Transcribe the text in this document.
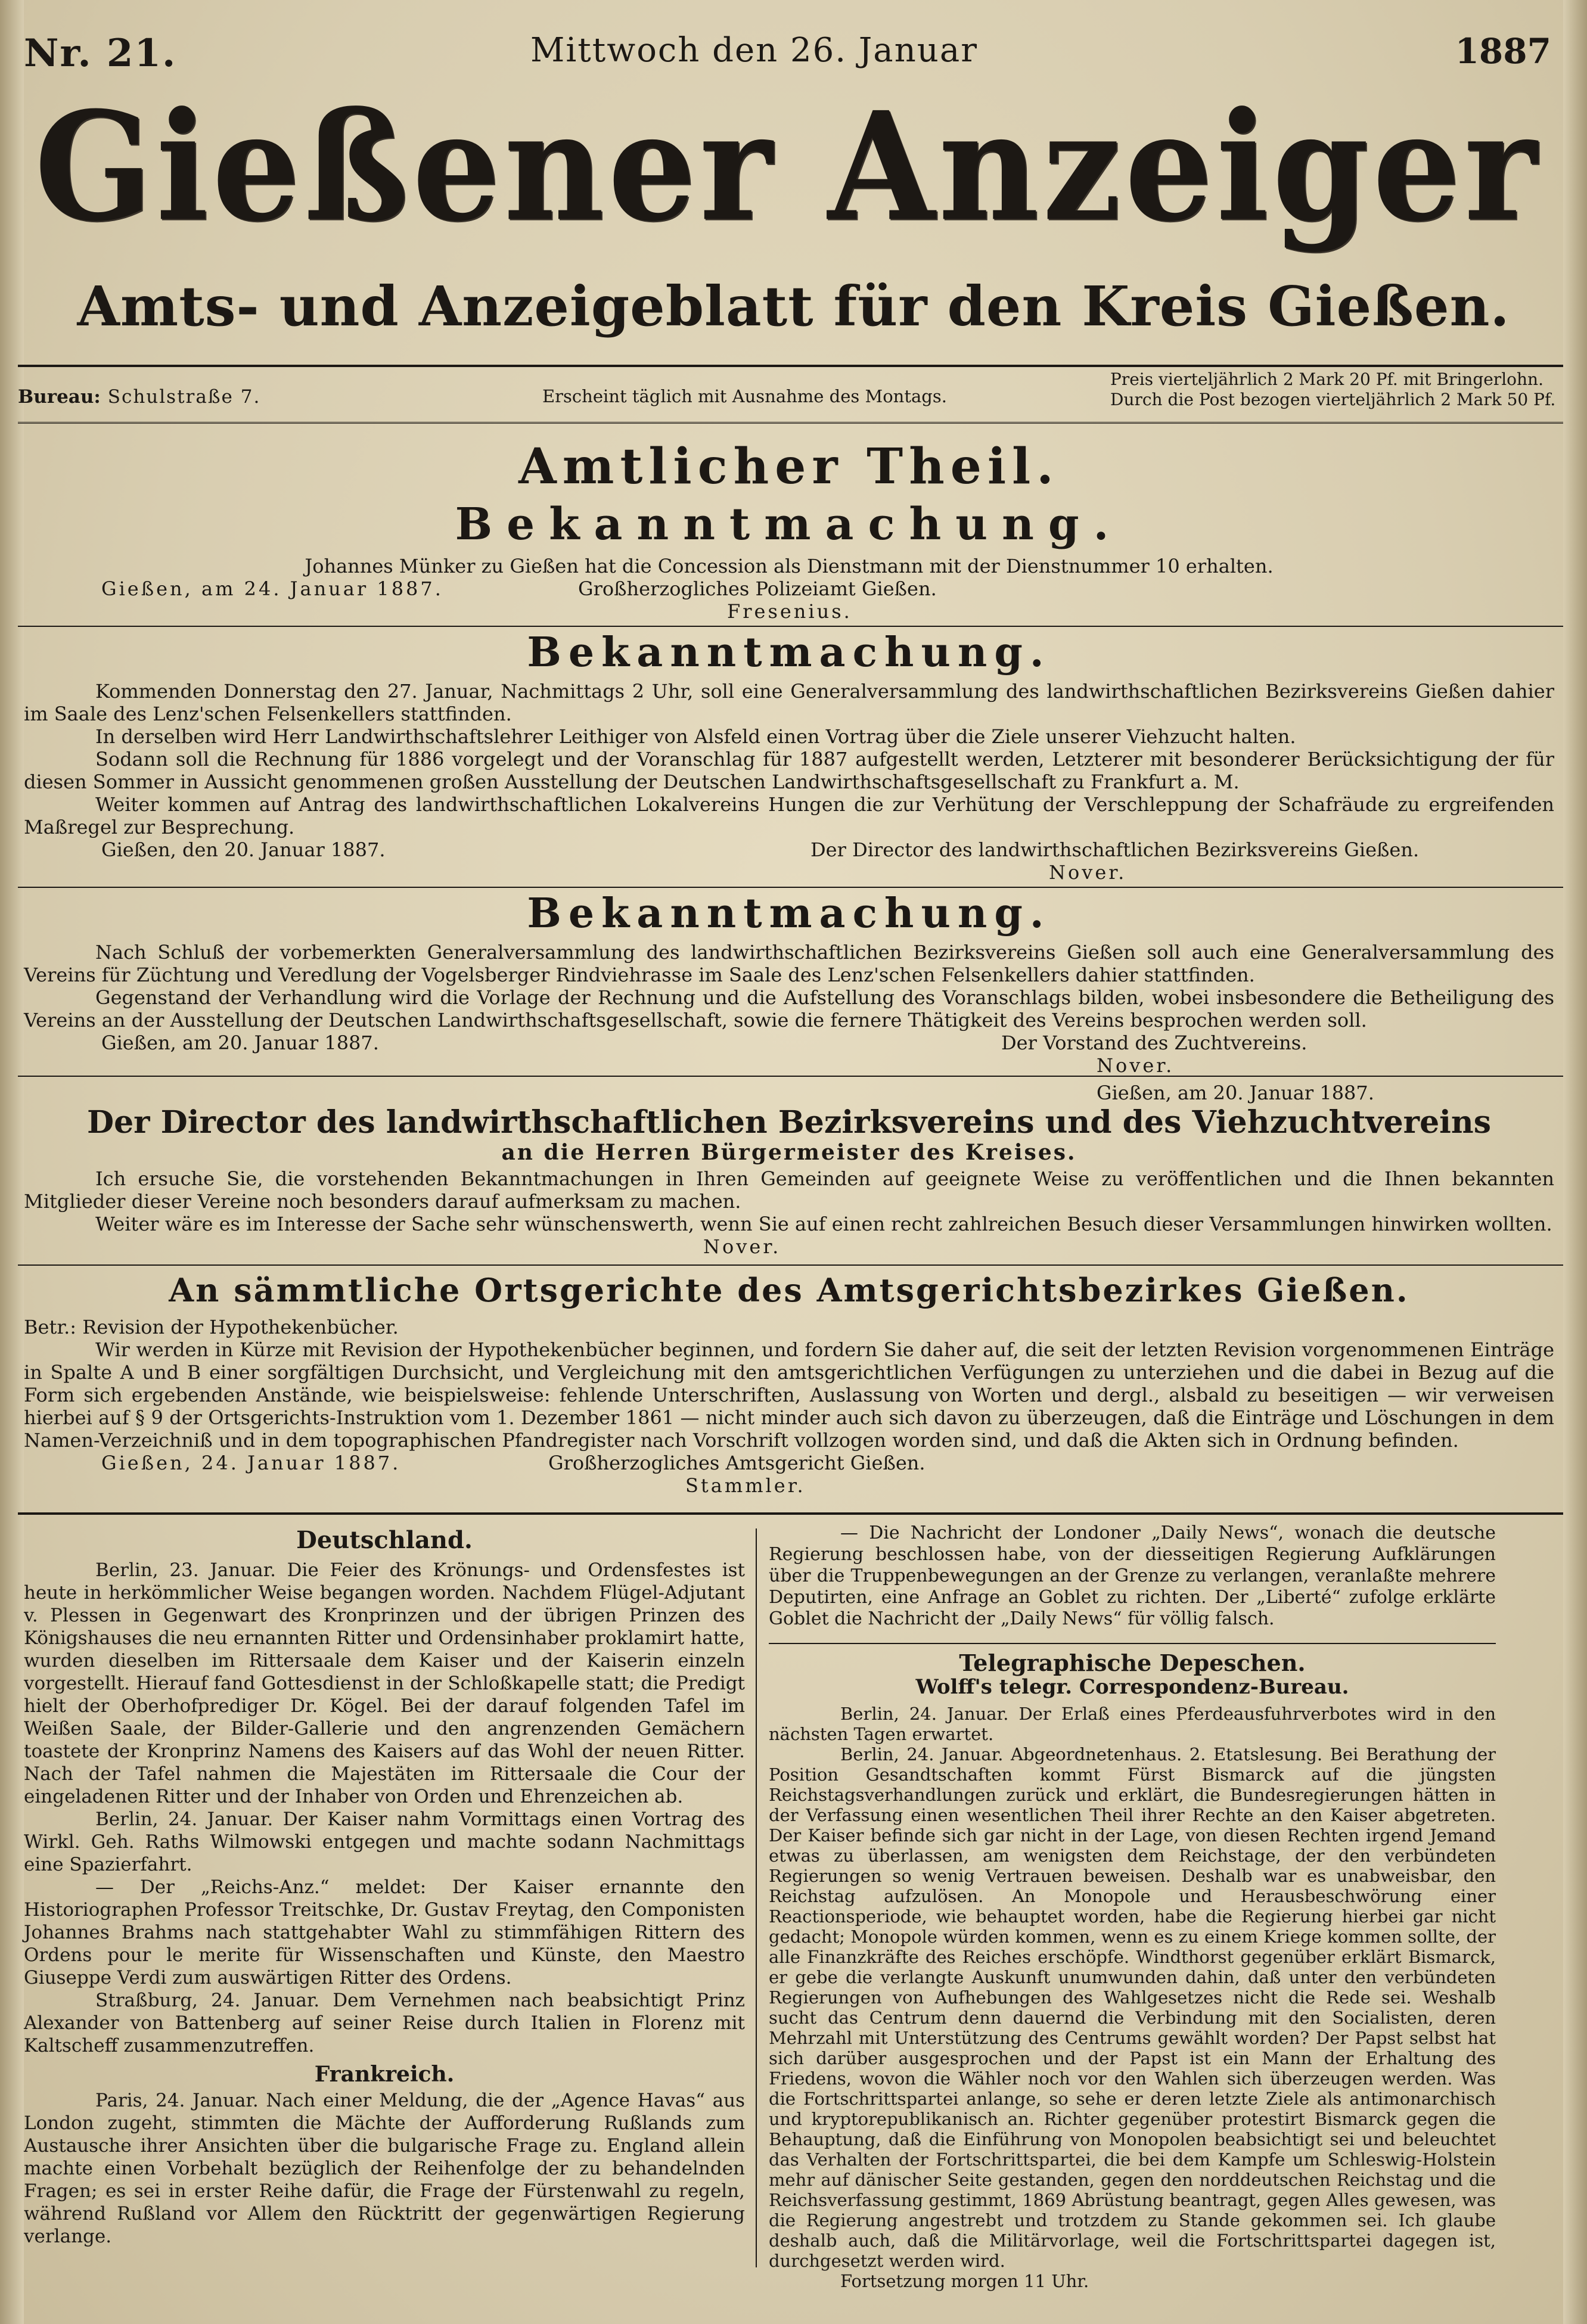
Nr. 21.	Mittwoch den 26. Januar	1887
Gießener Anzeiger
Amts- und Anzeigeblatt für den Kreis Gießen.
Bureau: Schulstraße 7.	Erscheint täglich mit Ausnahme des Montags.
Preis vierteljährlich 2 Mark 20 Pf. mit Bringerlohn.
Durch die Post bezogen vierteljährlich 2 Mark 50 Pf.
Amtlicher Theil.
Bekanntmachung.

Johannes Münker zu Gießen hat die Concession als Dienstmann mit der Dienstnummer 10 erhalten.

Gießen, am 24. Januar 1887.	Großherzogliches Polizeiamt Gießen.
Fresenius.
Bekanntmachung.

Kommenden Donnerstag den 27. Januar, Nachmittags 2 Uhr, soll eine Generalversammlung des landwirthschaftlichen Bezirksvereins Gießen dahier im Saale des Lenz'schen Felsenkellers stattfinden.

In derselben wird Herr Landwirthschaftslehrer Leithiger von Alsfeld einen Vortrag über die Ziele unserer Viehzucht halten.

Sodann soll die Rechnung für 1886 vorgelegt und der Voranschlag für 1887 aufgestellt werden, Letzterer mit besonderer Berücksichtigung der für diesen Sommer in Aussicht genommenen großen Ausstellung der Deutschen Landwirthschaftsgesellschaft zu Frankfurt a. M.

Weiter kommen auf Antrag des landwirthschaftlichen Lokalvereins Hungen die zur Verhütung der Verschleppung der Schafräude zu ergreifenden Maßregel zur Besprechung.

Gießen, den 20. Januar 1887.	Der Director des landwirthschaftlichen Bezirksvereins Gießen.
Nover.
Bekanntmachung.

Nach Schluß der vorbemerkten Generalversammlung des landwirthschaftlichen Bezirksvereins Gießen soll auch eine Generalversammlung des Vereins für Züchtung und Veredlung der Vogelsberger Rindviehrasse im Saale des Lenz'schen Felsenkellers dahier stattfinden.

Gegenstand der Verhandlung wird die Vorlage der Rechnung und die Aufstellung des Voranschlags bilden, wobei insbesondere die Betheiligung des Vereins an der Ausstellung der Deutschen Landwirthschaftsgesellschaft, sowie die fernere Thätigkeit des Vereins besprochen werden soll.

Gießen, am 20. Januar 1887.	Der Vorstand des Zuchtvereins.
Nover.
Gießen, am 20. Januar 1887.
Der Director des landwirthschaftlichen Bezirksvereins und des Viehzuchtvereins
an die Herren Bürgermeister des Kreises.

Ich ersuche Sie, die vorstehenden Bekanntmachungen in Ihren Gemeinden auf geeignete Weise zu veröffentlichen und die Ihnen bekannten Mitglieder dieser Vereine noch besonders darauf aufmerksam zu machen.

Weiter wäre es im Interesse der Sache sehr wünschenswerth, wenn Sie auf einen recht zahlreichen Besuch dieser Versammlungen hinwirken wollten.

Nover.
An sämmtliche Ortsgerichte des Amtsgerichtsbezirkes Gießen.

Betr.: Revision der Hypothekenbücher.

Wir werden in Kürze mit Revision der Hypothekenbücher beginnen, und fordern Sie daher auf, die seit der letzten Revision vorgenommenen Einträge in Spalte A und B einer sorgfältigen Durchsicht, und Vergleichung mit den amtsgerichtlichen Verfügungen zu unterziehen und die dabei in Bezug auf die Form sich ergebenden Anstände, wie beispielsweise: fehlende Unterschriften, Auslassung von Worten und dergl., alsbald zu beseitigen — wir verweisen hierbei auf § 9 der Ortsgerichts-Instruktion vom 1. Dezember 1861 — nicht minder auch sich davon zu überzeugen, daß die Einträge und Löschungen in dem Namen-Verzeichniß und in dem topographischen Pfandregister nach Vorschrift vollzogen worden sind, und daß die Akten sich in Ordnung befinden.

Gießen, 24. Januar 1887.	Großherzogliches Amtsgericht Gießen.
Stammler.
Deutschland.

Berlin, 23. Januar. Die Feier des Krönungs- und Ordensfestes ist heute in herkömmlicher Weise begangen worden. Nachdem Flügel-Adjutant v. Plessen in Gegenwart des Kronprinzen und der übrigen Prinzen des Königshauses die neu ernannten Ritter und Ordensinhaber proklamirt hatte, wurden dieselben im Rittersaale dem Kaiser und der Kaiserin einzeln vorgestellt. Hierauf fand Gottesdienst in der Schloßkapelle statt; die Predigt hielt der Oberhofprediger Dr. Kögel. Bei der darauf folgenden Tafel im Weißen Saale, der Bilder-Gallerie und den angrenzenden Gemächern toastete der Kronprinz Namens des Kaisers auf das Wohl der neuen Ritter. Nach der Tafel nahmen die Majestäten im Rittersaale die Cour der eingeladenen Ritter und der Inhaber von Orden und Ehrenzeichen ab.

Berlin, 24. Januar. Der Kaiser nahm Vormittags einen Vortrag des Wirkl. Geh. Raths Wilmowski entgegen und machte sodann Nachmittags eine Spazierfahrt.

— Der „Reichs-Anz.“ meldet: Der Kaiser ernannte den Historiographen Professor Treitschke, Dr. Gustav Freytag, den Componisten Johannes Brahms nach stattgehabter Wahl zu stimmfähigen Rittern des Ordens pour le merite für Wissenschaften und Künste, den Maestro Giuseppe Verdi zum auswärtigen Ritter des Ordens.

Straßburg, 24. Januar. Dem Vernehmen nach beabsichtigt Prinz Alexander von Battenberg auf seiner Reise durch Italien in Florenz mit Kaltscheff zusammenzutreffen.

Frankreich.

Paris, 24. Januar. Nach einer Meldung, die der „Agence Havas“ aus London zugeht, stimmten die Mächte der Aufforderung Rußlands zum Austausche ihrer Ansichten über die bulgarische Frage zu. England allein machte einen Vorbehalt bezüglich der Reihenfolge der zu behandelnden Fragen; es sei in erster Reihe dafür, die Frage der Fürstenwahl zu regeln, während Rußland vor Allem den Rücktritt der gegenwärtigen Regierung verlange.

— Die Nachricht der Londoner „Daily News“, wonach die deutsche Regierung beschlossen habe, von der diesseitigen Regierung Aufklärungen über die Truppenbewegungen an der Grenze zu verlangen, veranlaßte mehrere Deputirten, eine Anfrage an Goblet zu richten. Der „Liberté“ zufolge erklärte Goblet die Nachricht der „Daily News“ für völlig falsch.

Telegraphische Depeschen.
Wolff's telegr. Correspondenz-Bureau.

Berlin, 24. Januar. Der Erlaß eines Pferdeausfuhrverbotes wird in den nächsten Tagen erwartet.

Berlin, 24. Januar. Abgeordnetenhaus. 2. Etatslesung. Bei Berathung der Position Gesandtschaften kommt Fürst Bismarck auf die jüngsten Reichstagsverhandlungen zurück und erklärt, die Bundesregierungen hätten in der Verfassung einen wesentlichen Theil ihrer Rechte an den Kaiser abgetreten. Der Kaiser befinde sich gar nicht in der Lage, von diesen Rechten irgend Jemand etwas zu überlassen, am wenigsten dem Reichstage, der den verbündeten Regierungen so wenig Vertrauen beweisen. Deshalb war es unabweisbar, den Reichstag aufzulösen. An Monopole und Herausbeschwörung einer Reactionsperiode, wie behauptet worden, habe die Regierung hierbei gar nicht gedacht; Monopole würden kommen, wenn es zu einem Kriege kommen sollte, der alle Finanzkräfte des Reiches erschöpfe. Windthorst gegenüber erklärt Bismarck, er gebe die verlangte Auskunft unumwunden dahin, daß unter den verbündeten Regierungen von Aufhebungen des Wahlgesetzes nicht die Rede sei. Weshalb sucht das Centrum denn dauernd die Verbindung mit den Socialisten, deren Mehrzahl mit Unterstützung des Centrums gewählt worden? Der Papst selbst hat sich darüber ausgesprochen und der Papst ist ein Mann der Erhaltung des Friedens, wovon die Wähler noch vor den Wahlen sich überzeugen werden. Was die Fortschrittspartei anlange, so sehe er deren letzte Ziele als antimonarchisch und kryptorepublikanisch an. Richter gegenüber protestirt Bismarck gegen die Behauptung, daß die Einführung von Monopolen beabsichtigt sei und beleuchtet das Verhalten der Fortschrittspartei, die bei dem Kampfe um Schleswig-Holstein mehr auf dänischer Seite gestanden, gegen den norddeutschen Reichstag und die Reichsverfassung gestimmt, 1869 Abrüstung beantragt, gegen Alles gewesen, was die Regierung angestrebt und trotzdem zu Stande gekommen sei. Ich glaube deshalb auch, daß die Militärvorlage, weil die Fortschrittspartei dagegen ist, durchgesetzt werden wird.

Fortsetzung morgen 11 Uhr.
